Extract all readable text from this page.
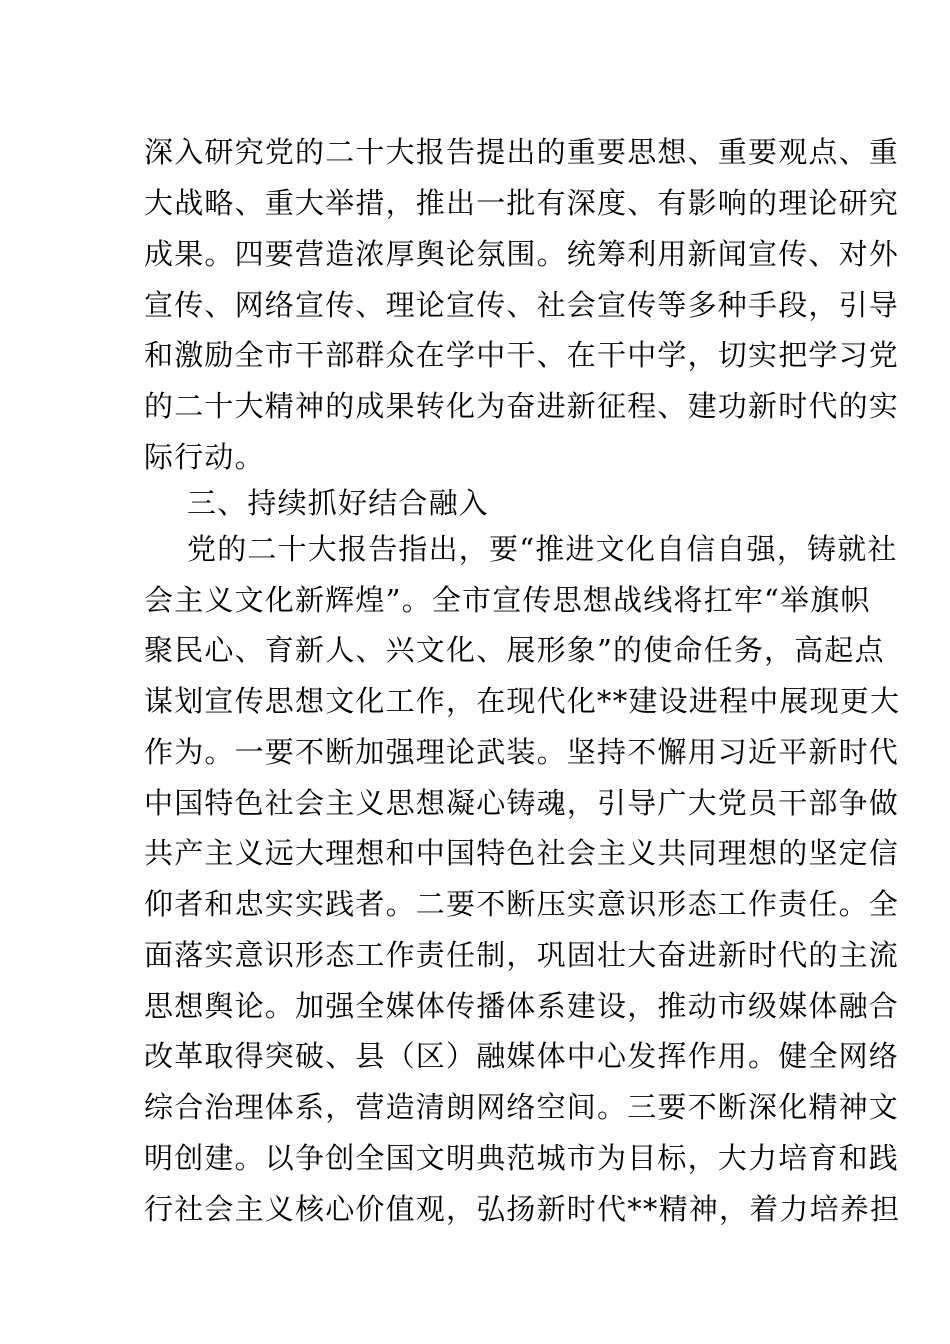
深入研究党的二十大报告提出的重要思想、重要观点、重
大战略、重大举措，推出一批有深度、有影响的理论研究
成果。四要营造浓厚舆论氛围。统筹利用新闻宣传、对外
宣传、网络宣传、理论宣传、社会宣传等多种手段，引导
和激励全市干部群众在学中干、在干中学，切实把学习党
的二十大精神的成果转化为奋进新征程、建功新时代的实
际行动。
三、持续抓好结合融入
党的二十大报告指出，要“推进文化自信自强，铸就社
会主义文化新辉煌”。全市宣传思想战线将扛牢“举旗帜
聚民心、育新人、兴文化、展形象”的使命任务，高起点
谋划宣传思想文化工作，在现代化**建设进程中展现更大
作为。一要不断加强理论武装。坚持不懈用习近平新时代
中国特色社会主义思想凝心铸魂，引导广大党员干部争做
共产主义远大理想和中国特色社会主义共同理想的坚定信
仰者和忠实实践者。二要不断压实意识形态工作责任。全
面落实意识形态工作责任制，巩固壮大奋进新时代的主流
思想舆论。加强全媒体传播体系建设，推动市级媒体融合
改革取得突破、县（区）融媒体中心发挥作用。健全网络
综合治理体系，营造清朗网络空间。三要不断深化精神文
明创建。以争创全国文明典范城市为目标，大力培育和践
行社会主义核心价值观，弘扬新时代**精神，着力培养担
